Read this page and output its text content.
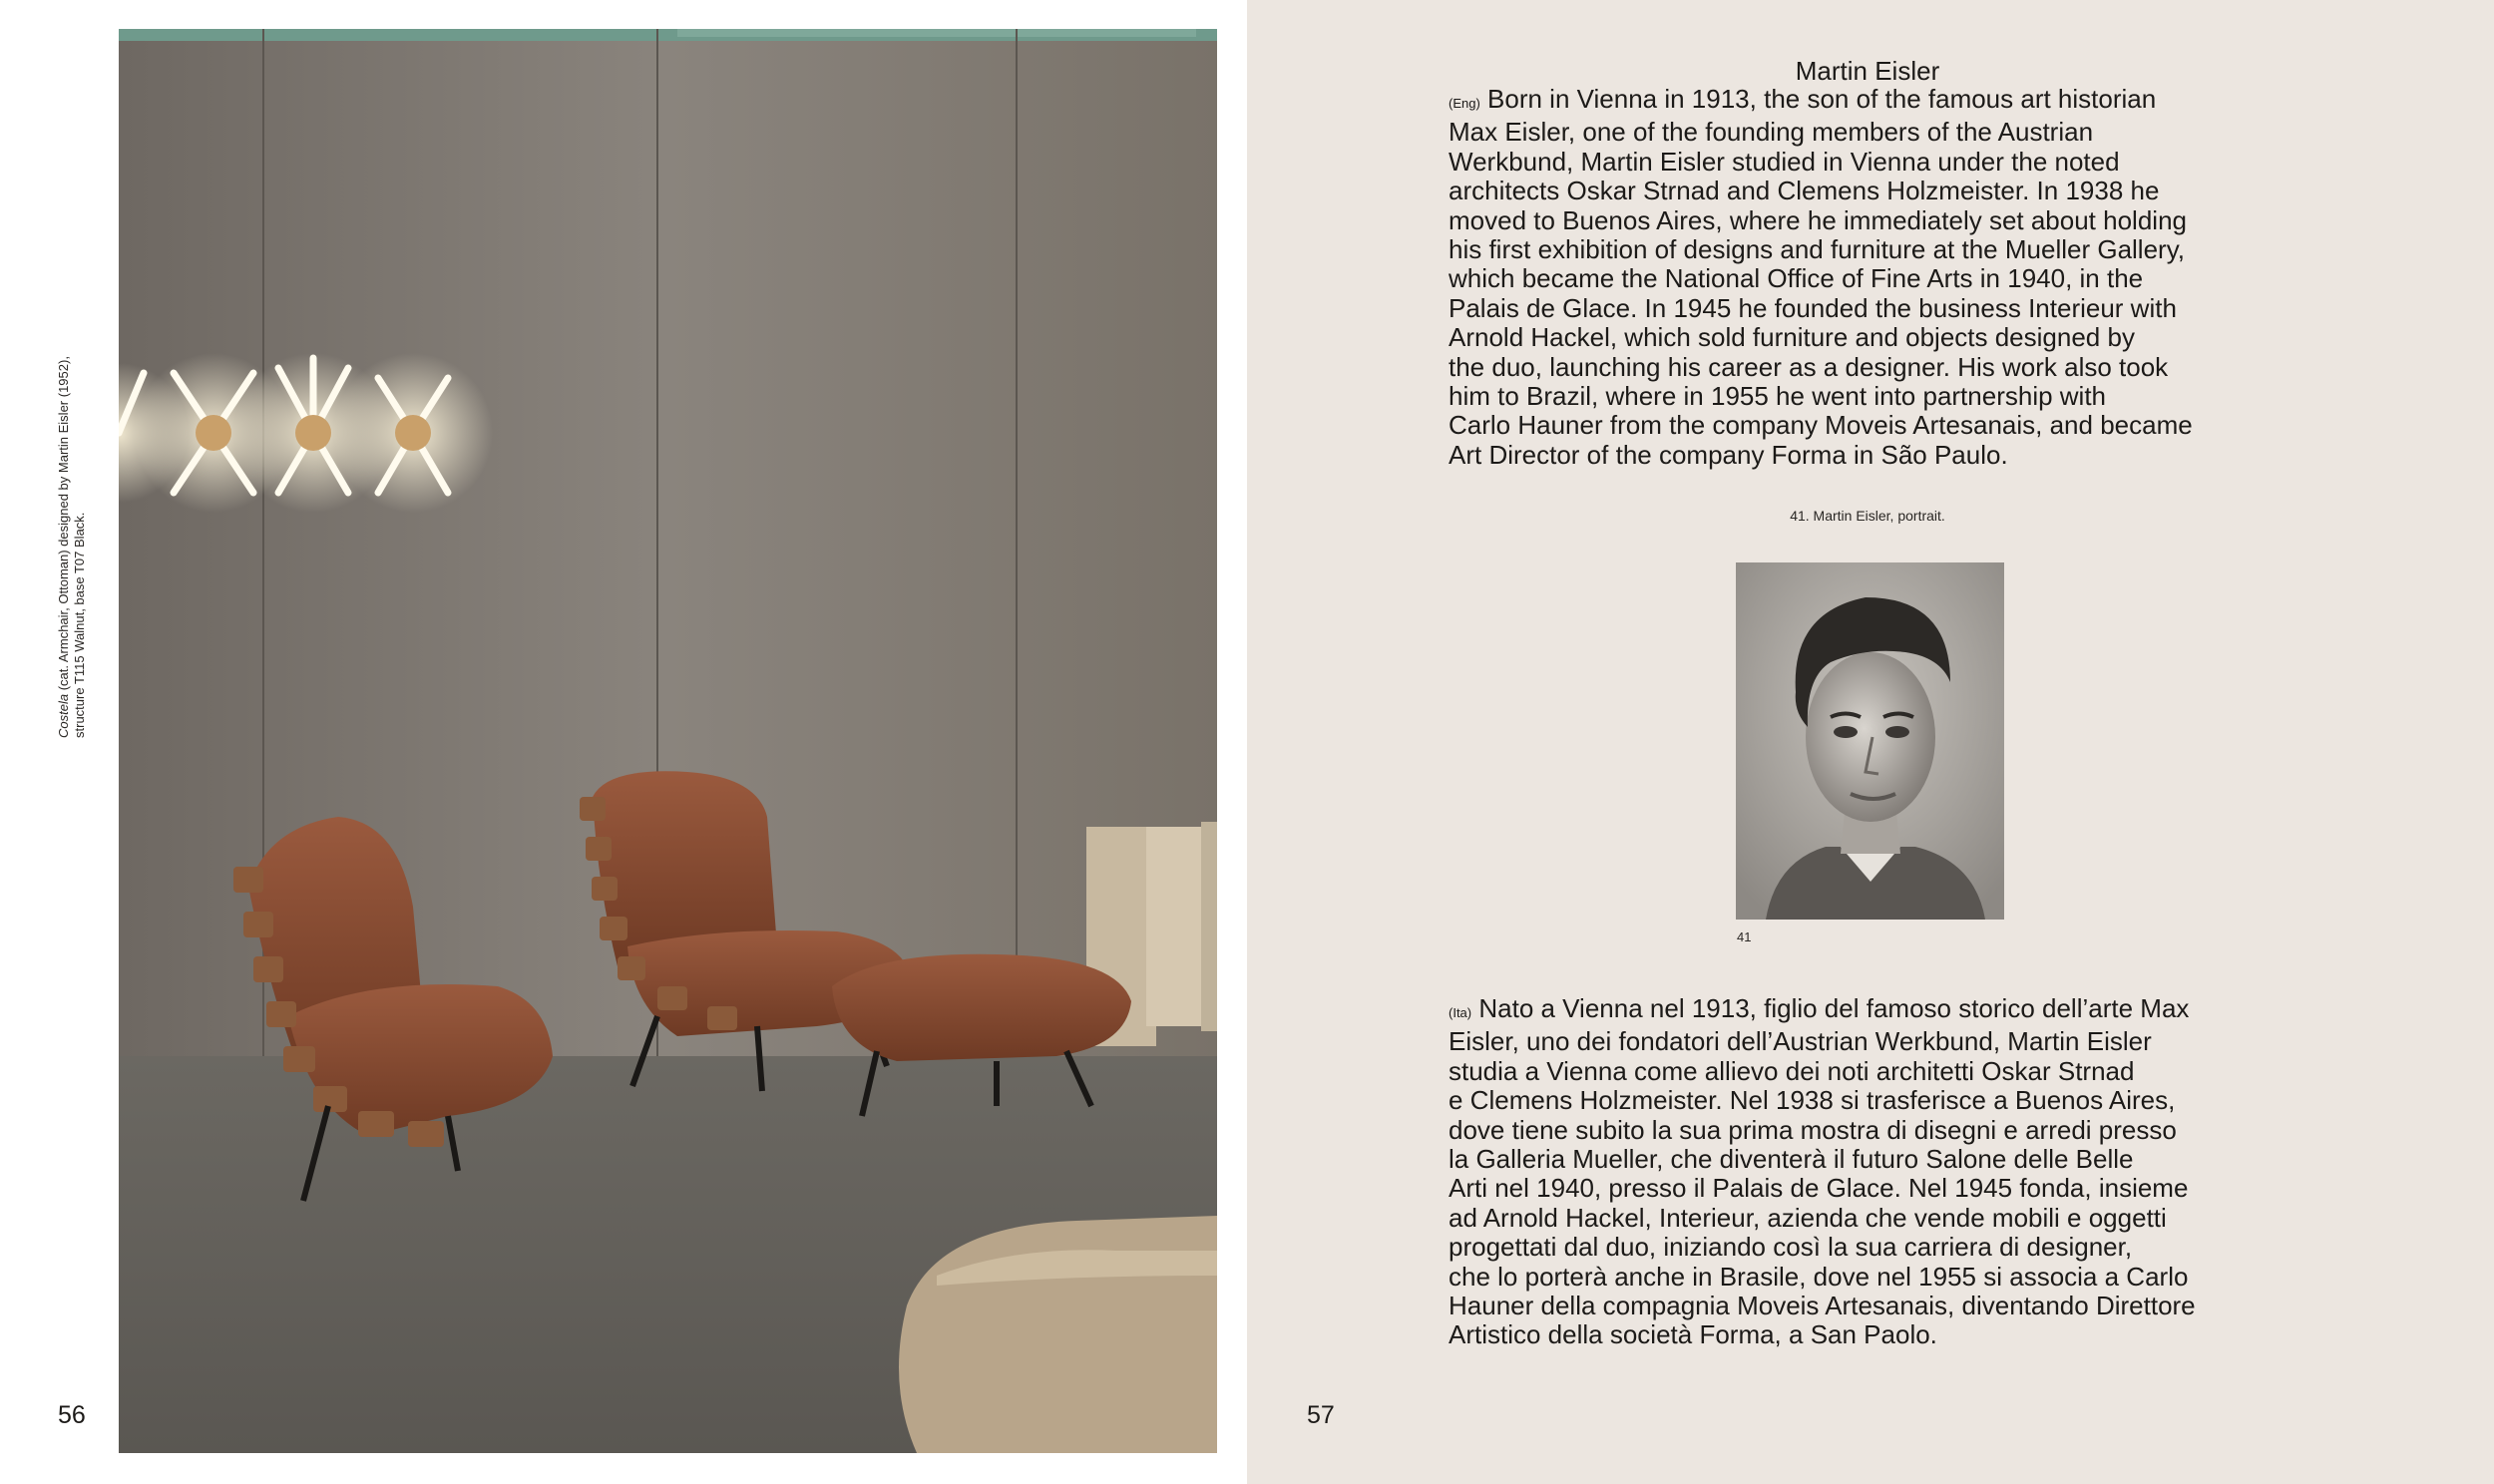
Costela (cat. Armchair, Ottoman) designed by Martin Eisler (1952), structure T115 Walnut, base T07 Black.
56
Martin Eisler

(Eng) Born in Vienna in 1913, the son of the famous art historian

Max Eisler, one of the founding members of the Austrian

Werkbund, Martin Eisler studied in Vienna under the noted

architects Oskar Strnad and Clemens Holzmeister. In 1938 he

moved to Buenos Aires, where he immediately set about holding

his first exhibition of designs and furniture at the Mueller Gallery,

which became the National Office of Fine Arts in 1940, in the

Palais de Glace. In 1945 he founded the business Interieur with

Arnold Hackel, which sold furniture and objects designed by

the duo, launching his career as a designer. His work also took

him to Brazil, where in 1955 he went into partnership with

Carlo Hauner from the company Moveis Artesanais, and became

Art Director of the company Forma in São Paulo.

41. Martin Eisler, portrait.
41

(Ita) Nato a Vienna nel 1913, figlio del famoso storico dell’arte Max

Eisler, uno dei fondatori dell’Austrian Werkbund, Martin Eisler

studia a Vienna come allievo dei noti architetti Oskar Strnad

e Clemens Holzmeister. Nel 1938 si trasferisce a Buenos Aires,

dove tiene subito la sua prima mostra di disegni e arredi presso

la Galleria Mueller, che diventerà il futuro Salone delle Belle

Arti nel 1940, presso il Palais de Glace. Nel 1945 fonda, insieme

ad Arnold Hackel, Interieur, azienda che vende mobili e oggetti

progettati dal duo, iniziando così la sua carriera di designer,

che lo porterà anche in Brasile, dove nel 1955 si associa a Carlo

Hauner della compagnia Moveis Artesanais, diventando Direttore

Artistico della società Forma, a San Paolo.

57
